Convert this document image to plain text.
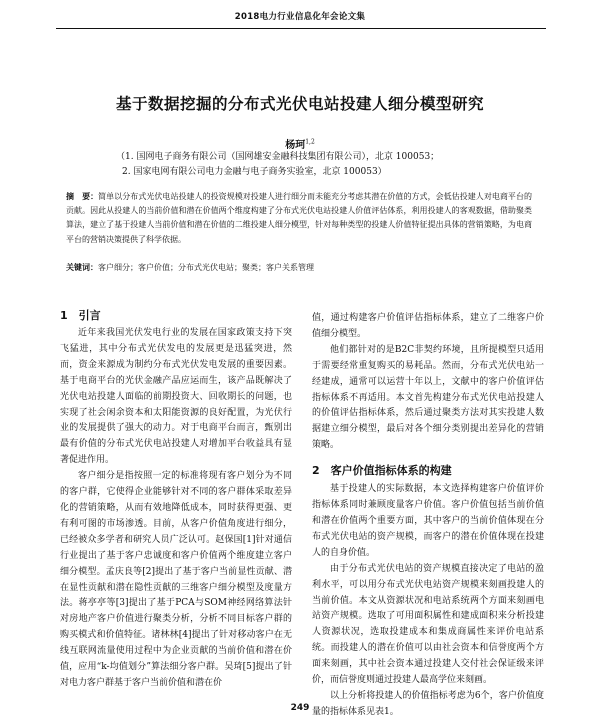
2018电力行业信息化年会论文集
基于数据挖掘的分布式光伏电站投建人细分模型研究
杨珂$^{1,2}$
（1. 国网电子商务有限公司（国网雄安金融科技集团有限公司），北京 100053；
2. 国家电网有限公司电力金融与电子商务实验室，北京 100053）
摘　要：简单以分布式光伏电站投建人的投资规模对投建人进行细分而未能充分考虑其潜在价值的方式，会低估投建人对电商平台的贡献。因此从投建人的当前价值和潜在价值两个维度构建了分布式光伏电站投建人价值评估体系，利用投建人的客观数据，借助聚类算法，建立了基于投建人当前价值和潜在价值的二维投建人细分模型，针对每种类型的投建人价值特征提出具体的营销策略，为电商平台的营销决策提供了科学依据。
关键词：客户细分；客户价值；分布式光伏电站；聚类；客户关系管理
1　引言

近年来我国光伏发电行业的发展在国家政策支持下突飞猛进，其中分布式光伏发电的发展更是迅猛突进，然而，资金来源成为制约分布式光伏发电发展的重要因素。基于电商平台的光伏金融产品应运而生，该产品既解决了光伏电站投建人面临的前期投资大、回收期长的问题，也实现了社会闲余资本和太阳能资源的良好配置，为光伏行业的发展提供了强大的动力。对于电商平台而言，甄别出最有价值的分布式光伏电站投建人对增加平台收益具有显著促进作用。

客户细分是指按照一定的标准将现有客户划分为不同的客户群，它使得企业能够针对不同的客户群体采取差异化的营销策略，从而有效地降低成本，同时获得更强、更有利可图的市场渗透。目前，从客户价值角度进行细分，已经被众多学者和研究人员广泛认可。赵保国[1]针对通信行业提出了基于客户忠诚度和客户价值两个维度建立客户细分模型。孟庆良等[2]提出了基于客户当前显性贡献、潜在显性贡献和潜在隐性贡献的三维客户细分模型及度量方法。蒋亭亭等[3]提出了基于PCA与SOM神经网络算法针对房地产客户价值进行聚类分析，分析不同目标客户群的购买模式和价值特征。诸林林[4]提出了针对移动客户在无线互联网流量使用过程中为企业贡献的当前价值和潜在价值，应用“k-均值划分”算法细分客户群。吴琦[5]提出了针对电力客户群基于客户当前价值和潜在价

值，通过构建客户价值评估指标体系，建立了二维客户价值细分模型。

他们都针对的是B2C非契约环境，且所提模型只适用于需要经常重复购买的易耗品。然而，分布式光伏电站一经建成，通常可以运营十年以上，文献中的客户价值评估指标体系不再适用。本文首先构建分布式光伏电站投建人的价值评估指标体系，然后通过聚类方法对其实投建人数据建立细分模型，最后对各个细分类别提出差异化的营销策略。

2　客户价值指标体系的构建

基于投建人的实际数据，本文选择构建客户价值评价指标体系同时兼顾度量客户价值。客户价值包括当前价值和潜在价值两个重要方面，其中客户的当前价值体现在分布式光伏电站的资产规模，而客户的潜在价值体现在投建人的自身价值。

由于分布式光伏电站的资产规模直接决定了电站的盈利水平，可以用分布式光伏电站资产规模来刻画投建人的当前价值。本文从资源状况和电站系统两个方面来刻画电站资产规模。选取了可用面积属性和建成面积来分析投建人资源状况，选取投建成本和集成商属性来评价电站系统。而投建人的潜在价值可以由社会资本和信誉度两个方面来刻画，其中社会资本通过投建人交付社会保证级来评价，而信誉度则通过投建人最高学位来刻画。

以上分析将投建人的价值指标考虑为6个，客户价值度量的指标体系见表1。

249
